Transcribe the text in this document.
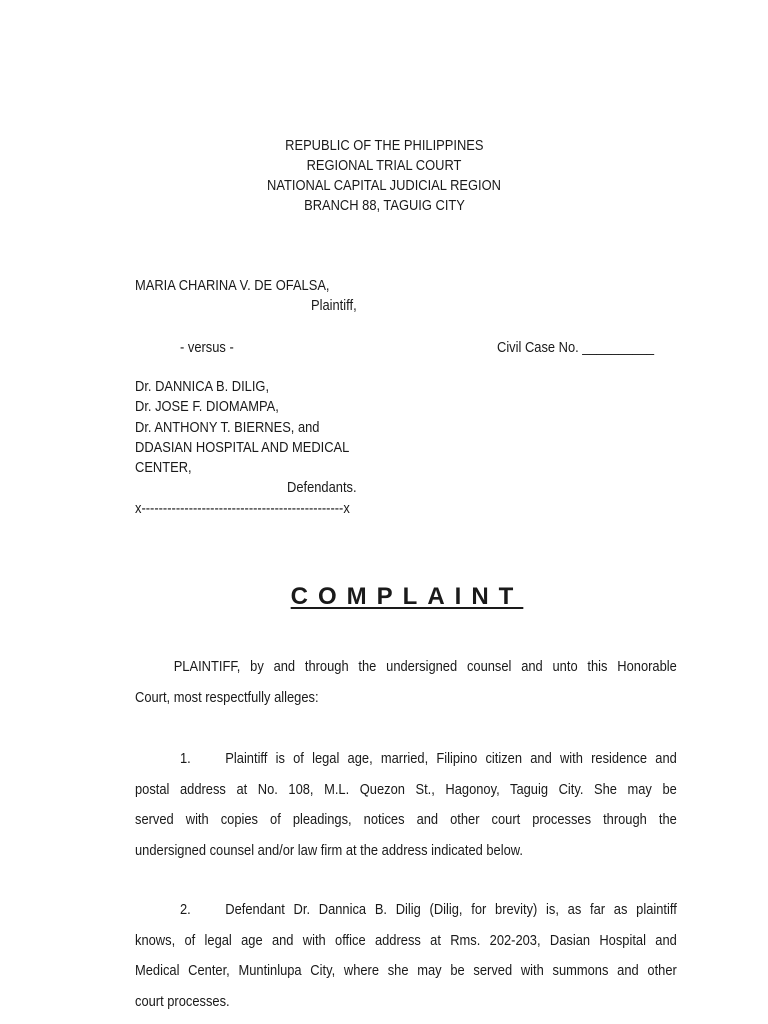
REPUBLIC OF THE PHILIPPINES
REGIONAL TRIAL COURT
NATIONAL CAPITAL JUDICIAL REGION
BRANCH 88, TAGUIG CITY
MARIA CHARINA V. DE OFALSA,
Plaintiff,
- versus -	Civil Case No. __________
Dr. DANNICA B. DILIG,
Dr. JOSE F. DIOMAMPA,
Dr. ANTHONY T. BIERNES, and
DDASIAN HOSPITAL AND MEDICAL
CENTER,
Defendants.
x-----------------------------------------------x
COMPLAINT
PLAINTIFF, by and through the undersigned counsel and unto this Honorable
Court, most respectfully alleges:
1.	Plaintiff is of legal age, married, Filipino citizen and with residence and
postal address at No. 108, M.L. Quezon St., Hagonoy, Taguig City. She may be
served with copies of pleadings, notices and other court processes through the
undersigned counsel and/or law firm at the address indicated below.
2.	Defendant Dr. Dannica B. Dilig (Dilig, for brevity) is, as far as plaintiff
knows, of legal age and with office address at Rms. 202-203, Dasian Hospital and
Medical Center, Muntinlupa City, where she may be served with summons and other
court processes.
